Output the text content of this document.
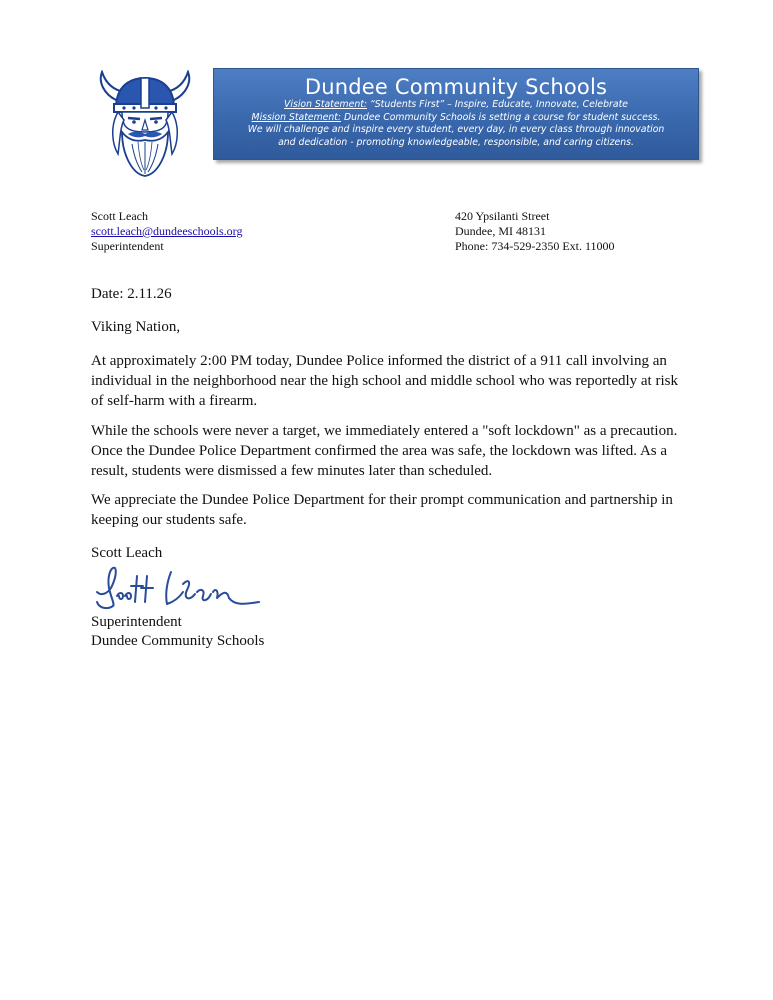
Dundee Community Schools
Vision Statement: “Students First” – Inspire, Educate, Innovate, Celebrate
Mission Statement: Dundee Community Schools is setting a course for student success.
We will challenge and inspire every student, every day, in every class through innovation
and dedication - promoting knowledgeable, responsible, and caring citizens.
Scott Leach
scott.leach@dundeeschools.org
Superintendent
420 Ypsilanti Street
Dundee, MI 48131
Phone: 734-529-2350 Ext. 11000
Date: 2.11.26
Viking Nation,
At approximately 2:00 PM today, Dundee Police informed the district of a 911 call involving an individual in the neighborhood near the high school and middle school who was reportedly at risk of self-harm with a firearm.
While the schools were never a target, we immediately entered a "soft lockdown" as a precaution. Once the Dundee Police Department confirmed the area was safe, the lockdown was lifted. As a result, students were dismissed a few minutes later than scheduled.
We appreciate the Dundee Police Department for their prompt communication and partnership in keeping our students safe.
Scott Leach
Superintendent
Dundee Community Schools
